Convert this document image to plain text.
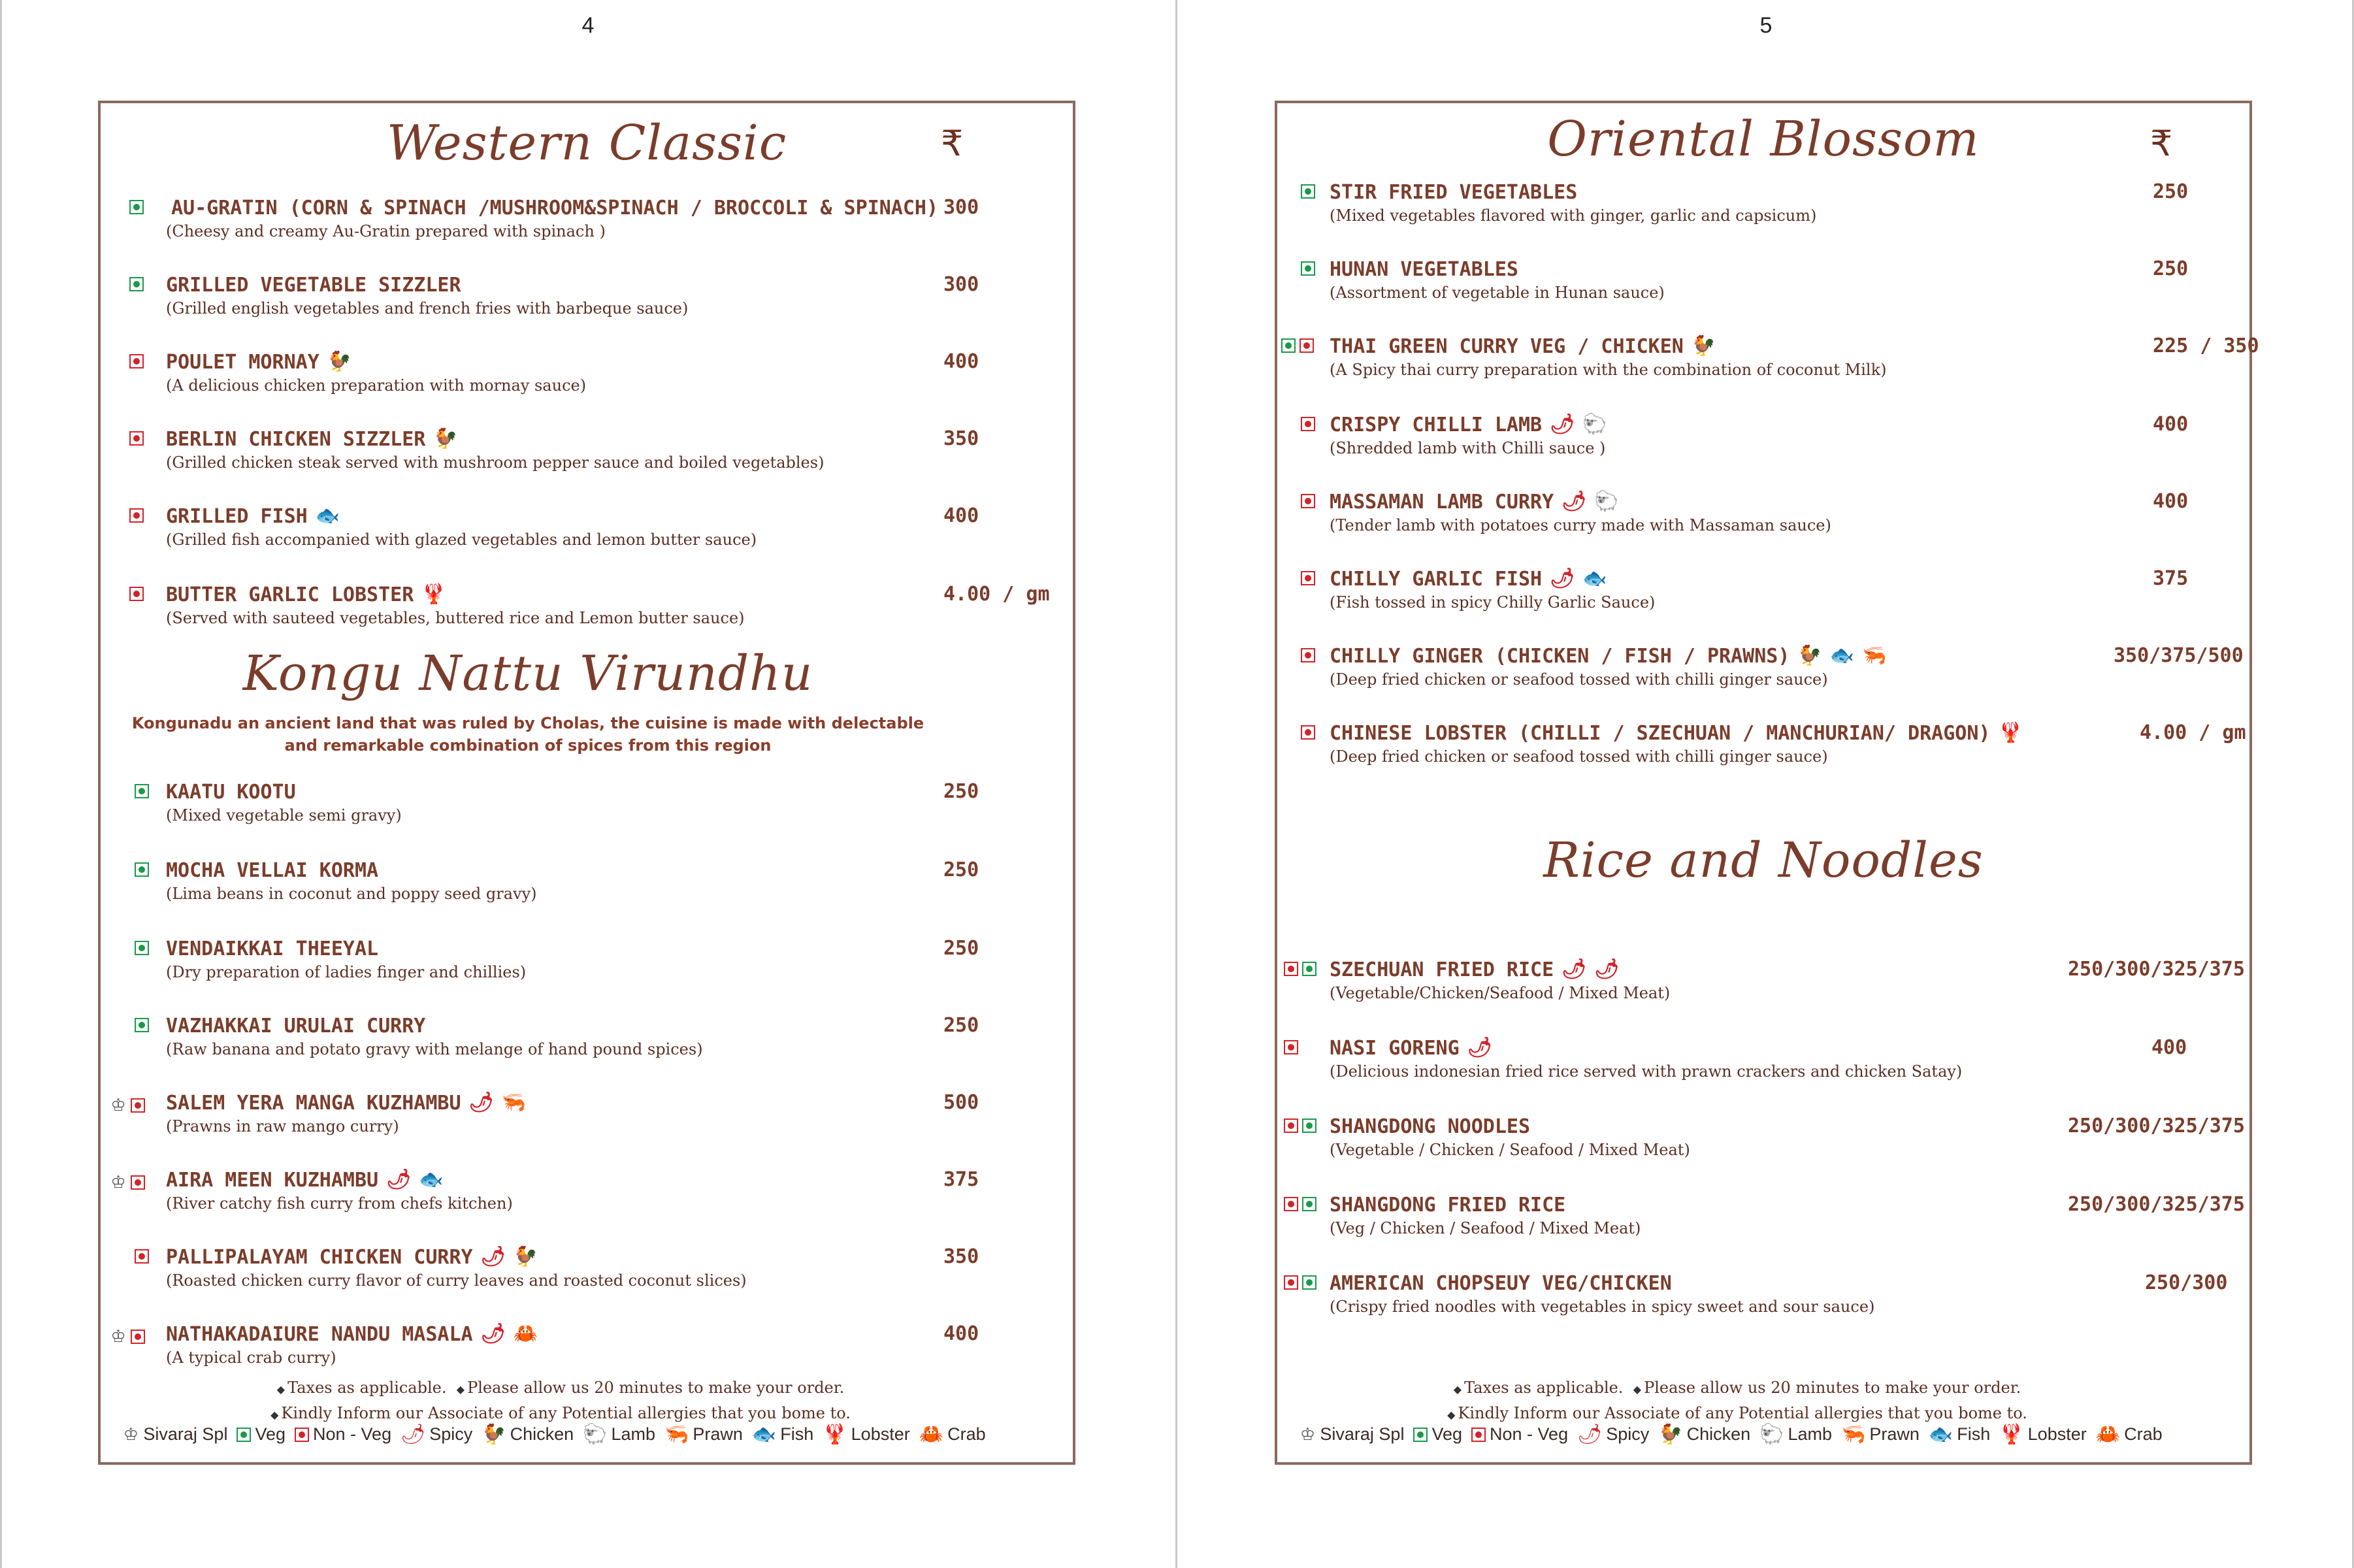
4
Western Classic	₹
AU-GRATIN (CORN & SPINACH /MUSHROOM&SPINACH / BROCCOLI & SPINACH)
(Cheesy and creamy Au-Gratin prepared with spinach )
300
GRILLED VEGETABLE SIZZLER
(Grilled english vegetables and french fries with barbeque sauce)
300
POULET MORNAY 🐓
(A delicious chicken preparation with mornay sauce)
400
BERLIN CHICKEN SIZZLER 🐓
(Grilled chicken steak served with mushroom pepper sauce and boiled vegetables)
350
GRILLED FISH 🐟
(Grilled fish accompanied with glazed vegetables and lemon butter sauce)
400
BUTTER GARLIC LOBSTER 🦞
(Served with sauteed vegetables, buttered rice and Lemon butter sauce)
4.00 / gm
Kongu Nattu Virundhu
Kongunadu an ancient land that was ruled by Cholas, the cuisine is made with delectable
and remarkable combination of spices from this region
KAATU KOOTU
(Mixed vegetable semi gravy)
250
MOCHA VELLAI KORMA
(Lima beans in coconut and poppy seed gravy)
250
VENDAIKKAI THEEYAL
(Dry preparation of ladies finger and chillies)
250
VAZHAKKAI URULAI CURRY
(Raw banana and potato gravy with melange of hand pound spices)
250
♔ SALEM YERA MANGA KUZHAMBU 🌶 🦐
(Prawns in raw mango curry)
500
♔ AIRA MEEN KUZHAMBU 🌶 🐟
(River catchy fish curry from chefs kitchen)
375
PALLIPALAYAM CHICKEN CURRY 🌶 🐓
(Roasted chicken curry flavor of curry leaves and roasted coconut slices)
350
♔ NATHAKADAIURE NANDU MASALA 🌶 🦀
(A typical crab curry)
400
◆ Taxes as applicable. ◆ Please allow us 20 minutes to make your order.
◆ Kindly Inform our Associate of any Potential allergies that you bome to.
♔ Sivaraj Spl Veg Non - Veg 🌶 Spicy 🐓 Chicken 🐑 Lamb 🦐 Prawn 🐟 Fish 🦞 Lobster 🦀 Crab
5
Oriental Blossom	₹
STIR FRIED VEGETABLES
(Mixed vegetables flavored with ginger, garlic and capsicum)
250
HUNAN VEGETABLES
(Assortment of vegetable in Hunan sauce)
250
THAI GREEN CURRY VEG / CHICKEN 🐓
(A Spicy thai curry preparation with the combination of coconut Milk)
225 / 350
CRISPY CHILLI LAMB 🌶 🐑
(Shredded lamb with Chilli sauce )
400
MASSAMAN LAMB CURRY 🌶 🐑
(Tender lamb with potatoes curry made with Massaman sauce)
400
CHILLY GARLIC FISH 🌶 🐟
(Fish tossed in spicy Chilly Garlic Sauce)
375
CHILLY GINGER (CHICKEN / FISH / PRAWNS) 🐓 🐟 🦐
(Deep fried chicken or seafood tossed with chilli ginger sauce)
350/375/500
CHINESE LOBSTER (CHILLI / SZECHUAN / MANCHURIAN/ DRAGON) 🦞
(Deep fried chicken or seafood tossed with chilli ginger sauce)
4.00 / gm
Rice and Noodles
SZECHUAN FRIED RICE 🌶 🌶
(Vegetable/Chicken/Seafood / Mixed Meat)
250/300/325/375
NASI GORENG 🌶
(Delicious indonesian fried rice served with prawn crackers and chicken Satay)
400
SHANGDONG NOODLES
(Vegetable / Chicken / Seafood / Mixed Meat)
250/300/325/375
SHANGDONG FRIED RICE
(Veg / Chicken / Seafood / Mixed Meat)
250/300/325/375
AMERICAN CHOPSEUY VEG/CHICKEN
(Crispy fried noodles with vegetables in spicy sweet and sour sauce)
250/300
◆ Taxes as applicable. ◆ Please allow us 20 minutes to make your order.
◆ Kindly Inform our Associate of any Potential allergies that you bome to.
♔ Sivaraj Spl Veg Non - Veg 🌶 Spicy 🐓 Chicken 🐑 Lamb 🦐 Prawn 🐟 Fish 🦞 Lobster 🦀 Crab
